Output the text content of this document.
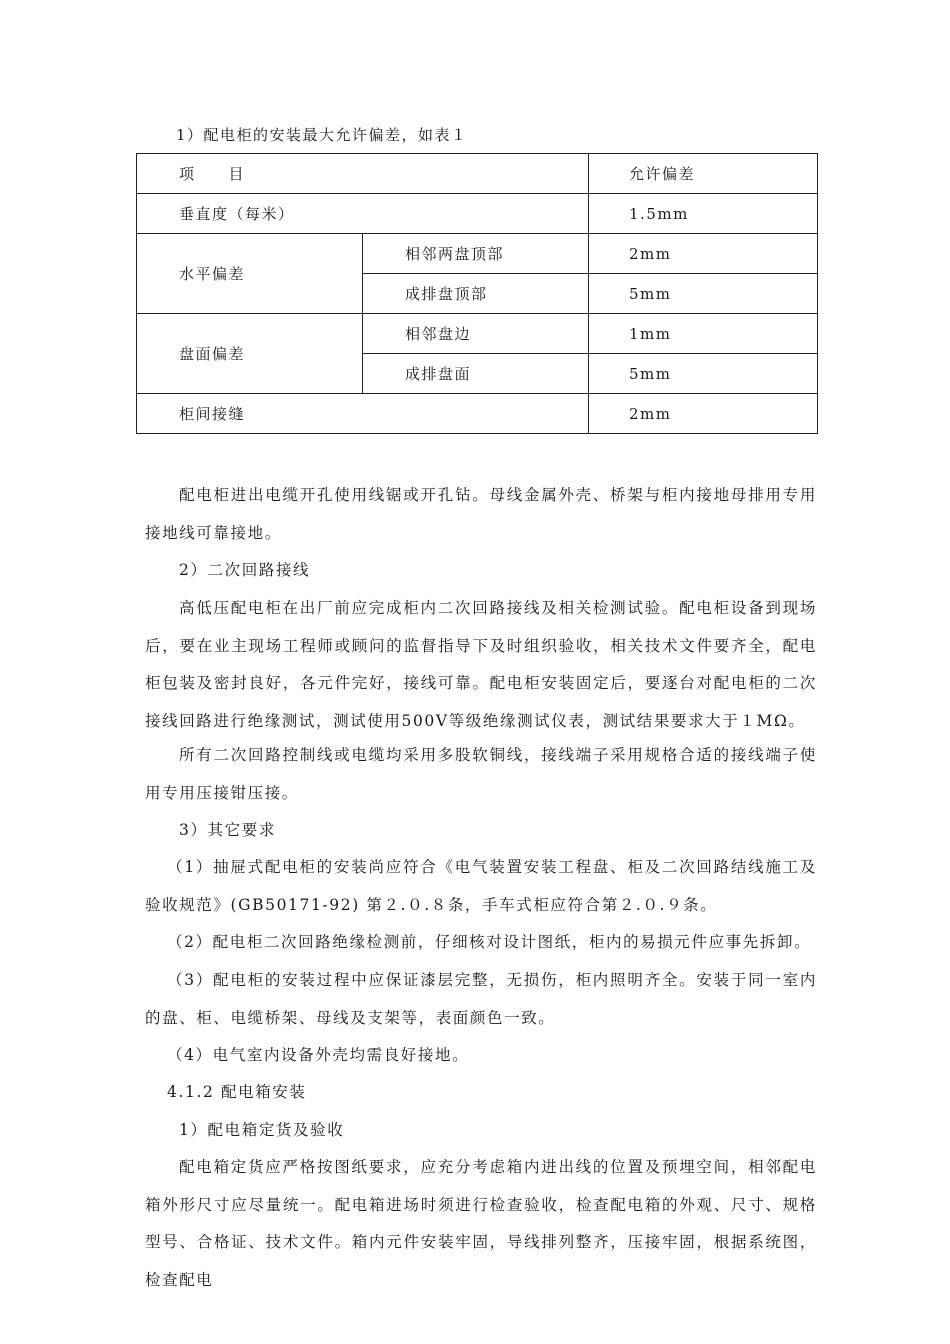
1）配电柜的安装最大允许偏差，如表１
项　　目		允许偏差
垂直度（每米）		1.5mm
水平偏差	相邻两盘顶部	2mm
	成排盘顶部	5mm
盘面偏差	相邻盘边	1mm
	成排盘面	5mm
柜间接缝		2mm

配电柜进出电缆开孔使用线锯或开孔钻。母线金属外壳、桥架与柜内接地母排用专用接地线可靠接地。

2）二次回路接线

高低压配电柜在出厂前应完成柜内二次回路接线及相关检测试验。配电柜设备到现场后，要在业主现场工程师或顾问的监督指导下及时组织验收，相关技术文件要齐全，配电柜包装及密封良好，各元件完好，接线可靠。配电柜安装固定后，要逐台对配电柜的二次接线回路进行绝缘测试，测试使用500V等级绝缘测试仪表，测试结果要求大于１MΩ。

所有二次回路控制线或电缆均采用多股软铜线，接线端子采用规格合适的接线端子使用专用压接钳压接。

3）其它要求

（1）抽屉式配电柜的安装尚应符合《电气装置安装工程盘、柜及二次回路结线施工及验收规范》(GB50171-92) 第２.０.８条，手车式柜应符合第２.０.９条。

（2）配电柜二次回路绝缘检测前，仔细核对设计图纸，柜内的易损元件应事先拆卸。

（3）配电柜的安装过程中应保证漆层完整，无损伤，柜内照明齐全。安装于同一室内的盘、柜、电缆桥架、母线及支架等，表面颜色一致。

（4）电气室内设备外壳均需良好接地。

4.1.2 配电箱安装

1）配电箱定货及验收

配电箱定货应严格按图纸要求，应充分考虑箱内进出线的位置及预埋空间，相邻配电箱外形尺寸应尽量统一。配电箱进场时须进行检查验收，检查配电箱的外观、尺寸、规格型号、合格证、技术文件。箱内元件安装牢固，导线排列整齐，压接牢固，根据系统图，检查配电
